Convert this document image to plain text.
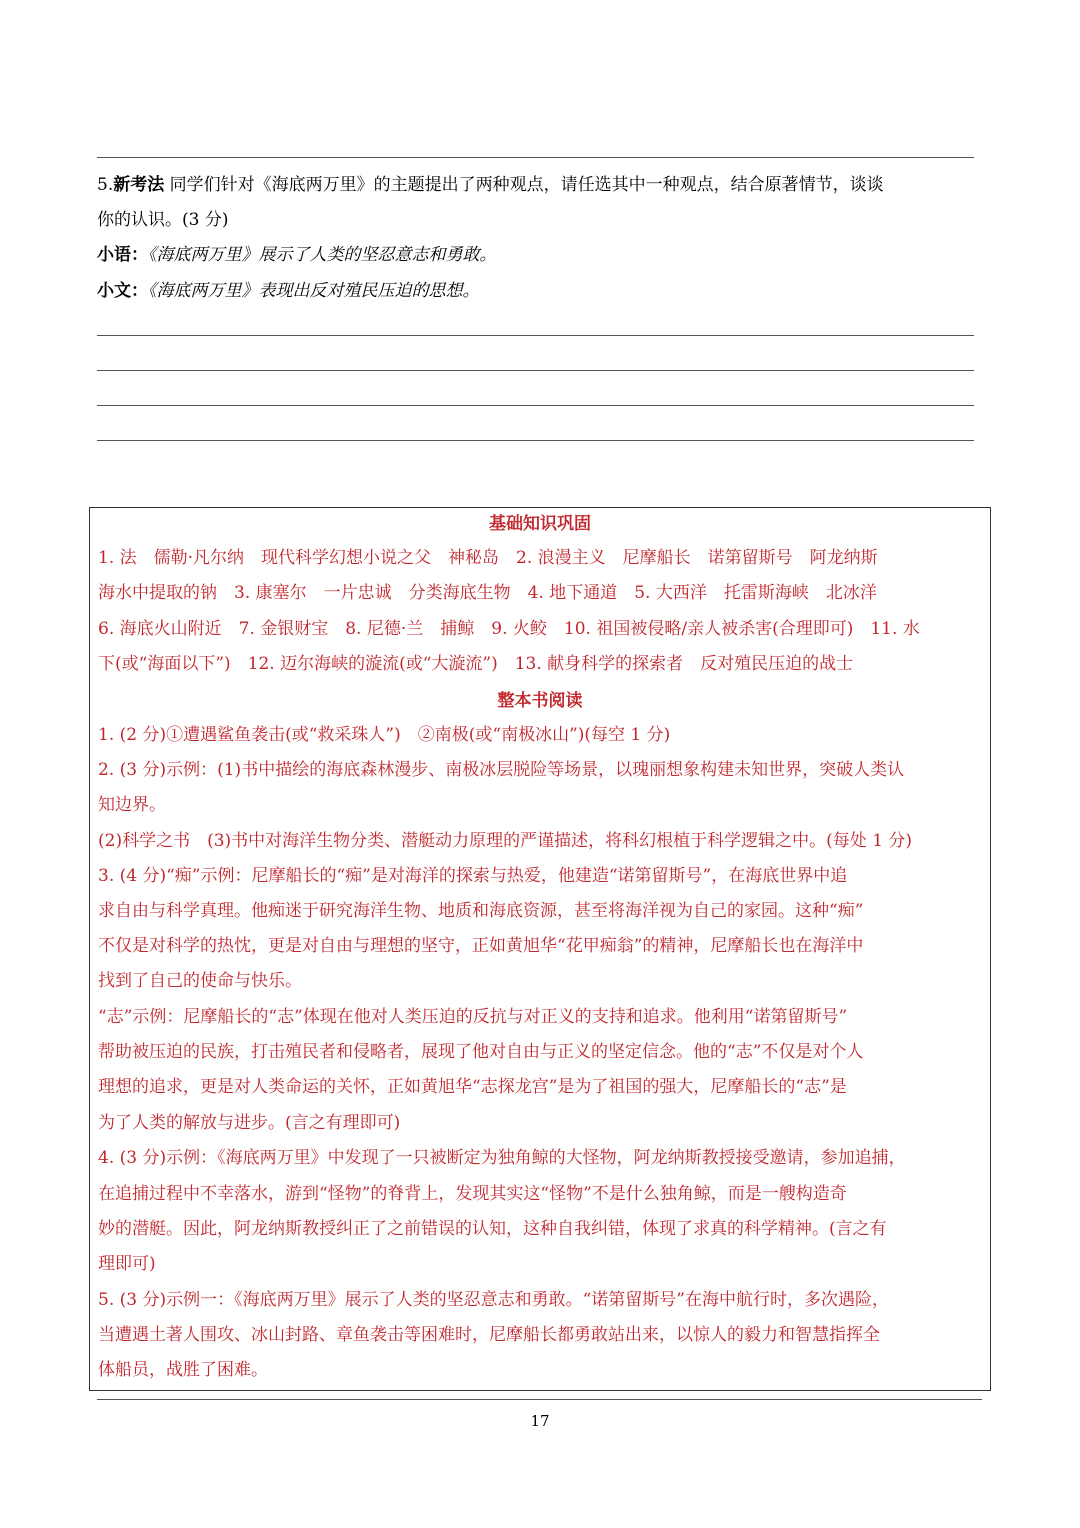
5.新考法 同学们针对《海底两万里》的主题提出了两种观点，请任选其中一种观点，结合原著情节，谈谈
你的认识。(3 分)
小语：《海底两万里》展示了人类的坚忍意志和勇敢。
小文：《海底两万里》表现出反对殖民压迫的思想。
基础知识巩固
1. 法　儒勒·凡尔纳　现代科学幻想小说之父　神秘岛　2. 浪漫主义　尼摩船长　诺第留斯号　阿龙纳斯
海水中提取的钠　3. 康塞尔　一片忠诚　分类海底生物　4. 地下通道　5. 大西洋　托雷斯海峡　北冰洋
6. 海底火山附近　7. 金银财宝　8. 尼德·兰　捕鲸　9. 火鲛　10. 祖国被侵略/亲人被杀害(合理即可)　11. 水
下(或“海面以下”)　12. 迈尔海峡的漩流(或“大漩流”)　13. 献身科学的探索者　反对殖民压迫的战士
整本书阅读
1. (2 分)①遭遇鲨鱼袭击(或“救采珠人”)　②南极(或“南极冰山”)(每空 1 分)
2. (3 分)示例：(1)书中描绘的海底森林漫步、南极冰层脱险等场景，以瑰丽想象构建未知世界，突破人类认
知边界。
(2)科学之书　(3)书中对海洋生物分类、潜艇动力原理的严谨描述，将科幻根植于科学逻辑之中。(每处 1 分)
3. (4 分)“痴”示例：尼摩船长的“痴”是对海洋的探索与热爱，他建造“诺第留斯号”，在海底世界中追
求自由与科学真理。他痴迷于研究海洋生物、地质和海底资源，甚至将海洋视为自己的家园。这种“痴”
不仅是对科学的热忱，更是对自由与理想的坚守，正如黄旭华“花甲痴翁”的精神，尼摩船长也在海洋中
找到了自己的使命与快乐。
“志”示例：尼摩船长的“志”体现在他对人类压迫的反抗与对正义的支持和追求。他利用“诺第留斯号”
帮助被压迫的民族，打击殖民者和侵略者，展现了他对自由与正义的坚定信念。他的“志”不仅是对个人
理想的追求，更是对人类命运的关怀，正如黄旭华“志探龙宫”是为了祖国的强大，尼摩船长的“志”是
为了人类的解放与进步。(言之有理即可)
4. (3 分)示例：《海底两万里》中发现了一只被断定为独角鲸的大怪物，阿龙纳斯教授接受邀请，参加追捕，
在追捕过程中不幸落水，游到“怪物”的脊背上，发现其实这“怪物”不是什么独角鲸，而是一艘构造奇
妙的潜艇。因此，阿龙纳斯教授纠正了之前错误的认知，这种自我纠错，体现了求真的科学精神。(言之有
理即可)
5. (3 分)示例一：《海底两万里》展示了人类的坚忍意志和勇敢。“诺第留斯号”在海中航行时，多次遇险，
当遭遇土著人围攻、冰山封路、章鱼袭击等困难时，尼摩船长都勇敢站出来，以惊人的毅力和智慧指挥全
体船员，战胜了困难。
17
